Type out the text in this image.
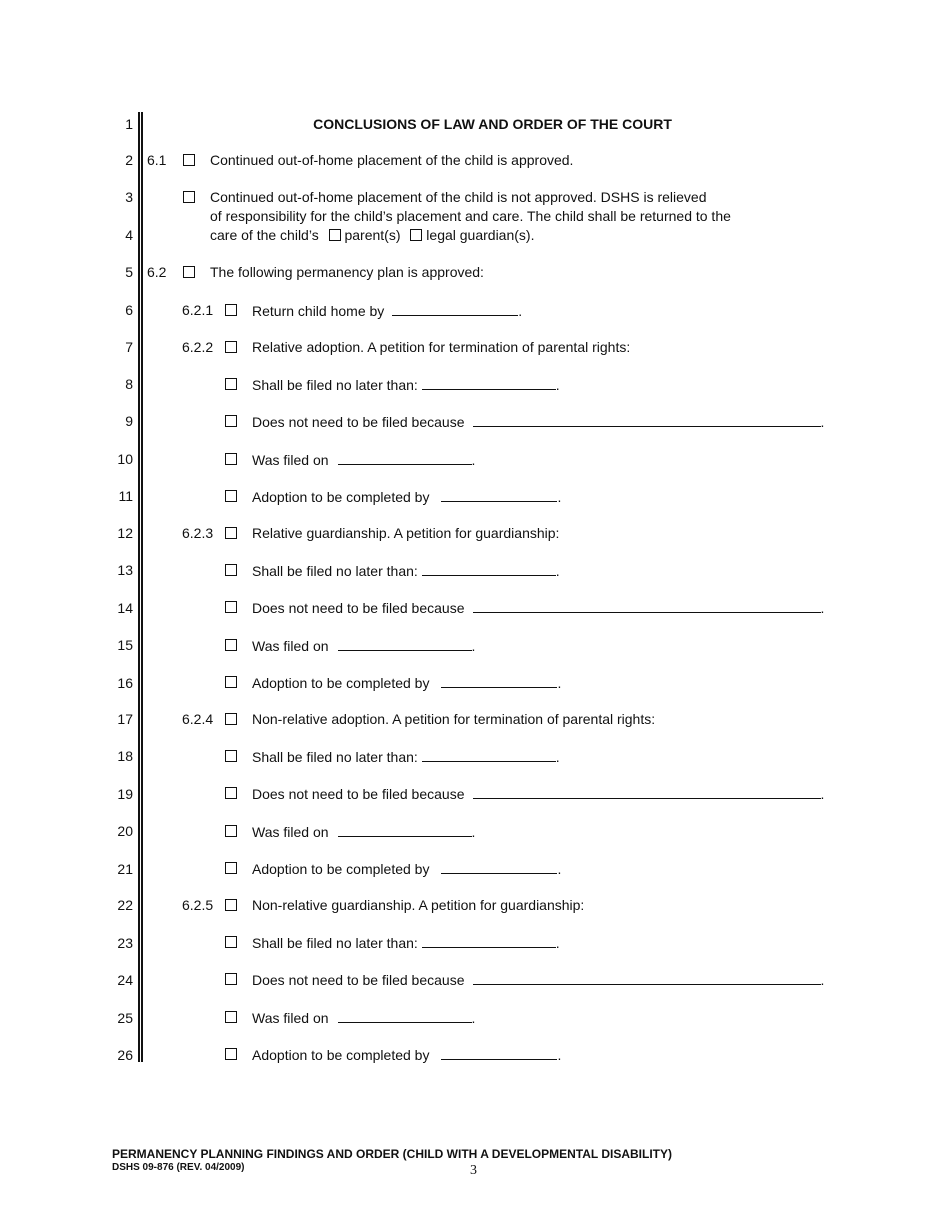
1
2
3
4
5
6
7
8
9
10
11
12
13
14
15
16
17
18
19
20
21
22
23
24
25
26
CONCLUSIONS OF LAW AND ORDER OF THE COURT
6.1	Continued out-of-home placement of the child is approved.
Continued out-of-home placement of the child is not approved. DSHS is relieved
of responsibility for the child’s placement and care. The child shall be returned to the
care of the child’s parent(s) legal guardian(s).
6.2	The following permanency plan is approved:
6.2.1	Return child home by	.
6.2.2	Relative adoption. A petition for termination of parental rights:
Shall be filed no later than:	.
Does not need to be filed because	.
Was filed on	.
Adoption to be completed by	.
6.2.3	Relative guardianship. A petition for guardianship:
Shall be filed no later than:	.
Does not need to be filed because	.
Was filed on	.
Adoption to be completed by	.
6.2.4	Non-relative adoption. A petition for termination of parental rights:
Shall be filed no later than:	.
Does not need to be filed because	.
Was filed on	.
Adoption to be completed by	.
6.2.5	Non-relative guardianship. A petition for guardianship:
Shall be filed no later than:	.
Does not need to be filed because	.
Was filed on	.
Adoption to be completed by	.
PERMANENCY PLANNING FINDINGS AND ORDER (CHILD WITH A DEVELOPMENTAL DISABILITY)
DSHS 09-876 (REV. 04/2009)	3
